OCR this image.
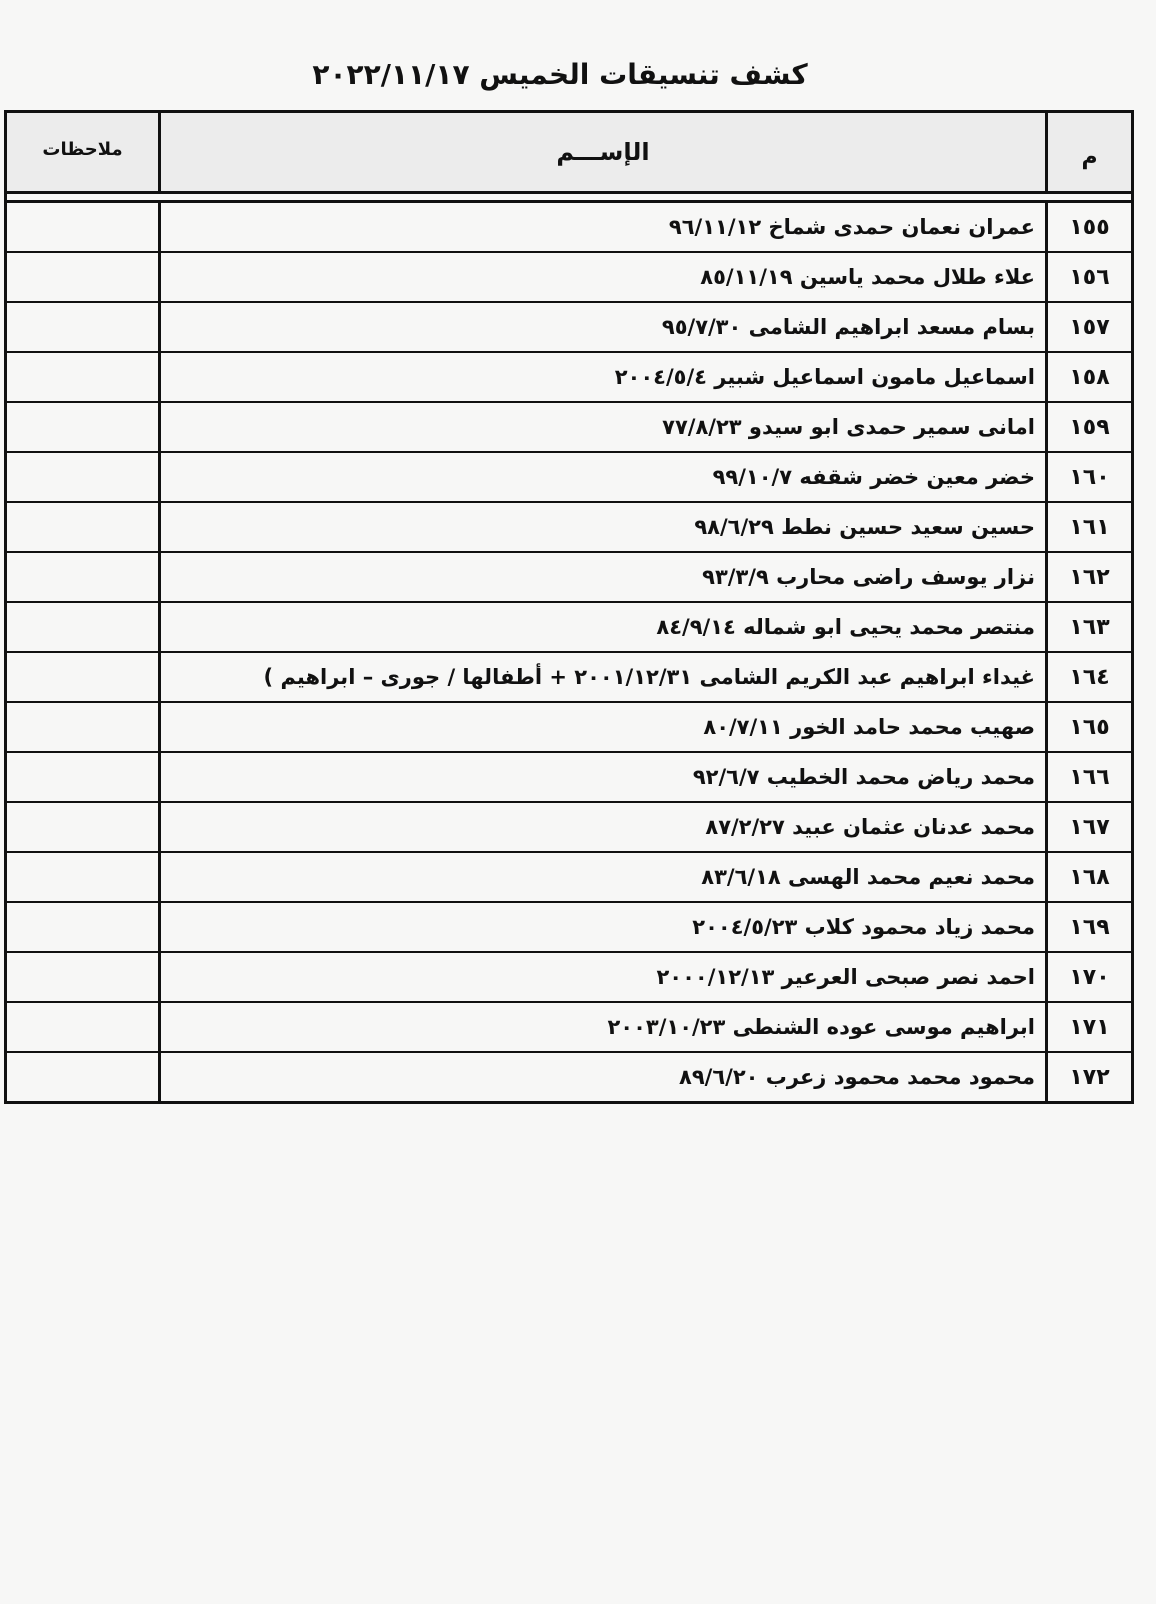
كشف تنسيقات الخميس ٢٠٢٢/١١/١٧
م
الإســـم
ملاحظات
١٥٥
عمران نعمان حمدى شماخ ٩٦/١١/١٢
١٥٦
علاء طلال محمد ياسين ٨٥/١١/١٩
١٥٧
بسام مسعد ابراهيم الشامى ٩٥/٧/٣٠
١٥٨
اسماعيل مامون اسماعيل شبير ٢٠٠٤/٥/٤
١٥٩
امانى سمير حمدى ابو سيدو ٧٧/٨/٢٣
١٦٠
خضر معين خضر شقفه ٩٩/١٠/٧
١٦١
حسين سعيد حسين نطط ٩٨/٦/٢٩
١٦٢
نزار يوسف راضى محارب ٩٣/٣/٩
١٦٣
منتصر محمد يحيى ابو شماله ٨٤/٩/١٤
١٦٤
غيداء ابراهيم عبد الكريم الشامى ٢٠٠١/١٢/٣١ + أطفالها / جورى – ابراهيم )
١٦٥
صهيب محمد حامد الخور ٨٠/٧/١١
١٦٦
محمد رياض محمد الخطيب ٩٢/٦/٧
١٦٧
محمد عدنان عثمان عبيد ٨٧/٢/٢٧
١٦٨
محمد نعيم محمد الهسى ٨٣/٦/١٨
١٦٩
محمد زياد محمود كلاب ٢٠٠٤/٥/٢٣
١٧٠
احمد نصر صبحى العرعير ٢٠٠٠/١٢/١٣
١٧١
ابراهيم موسى عوده الشنطى ٢٠٠٣/١٠/٢٣
١٧٢
محمود محمد محمود زعرب ٨٩/٦/٢٠
